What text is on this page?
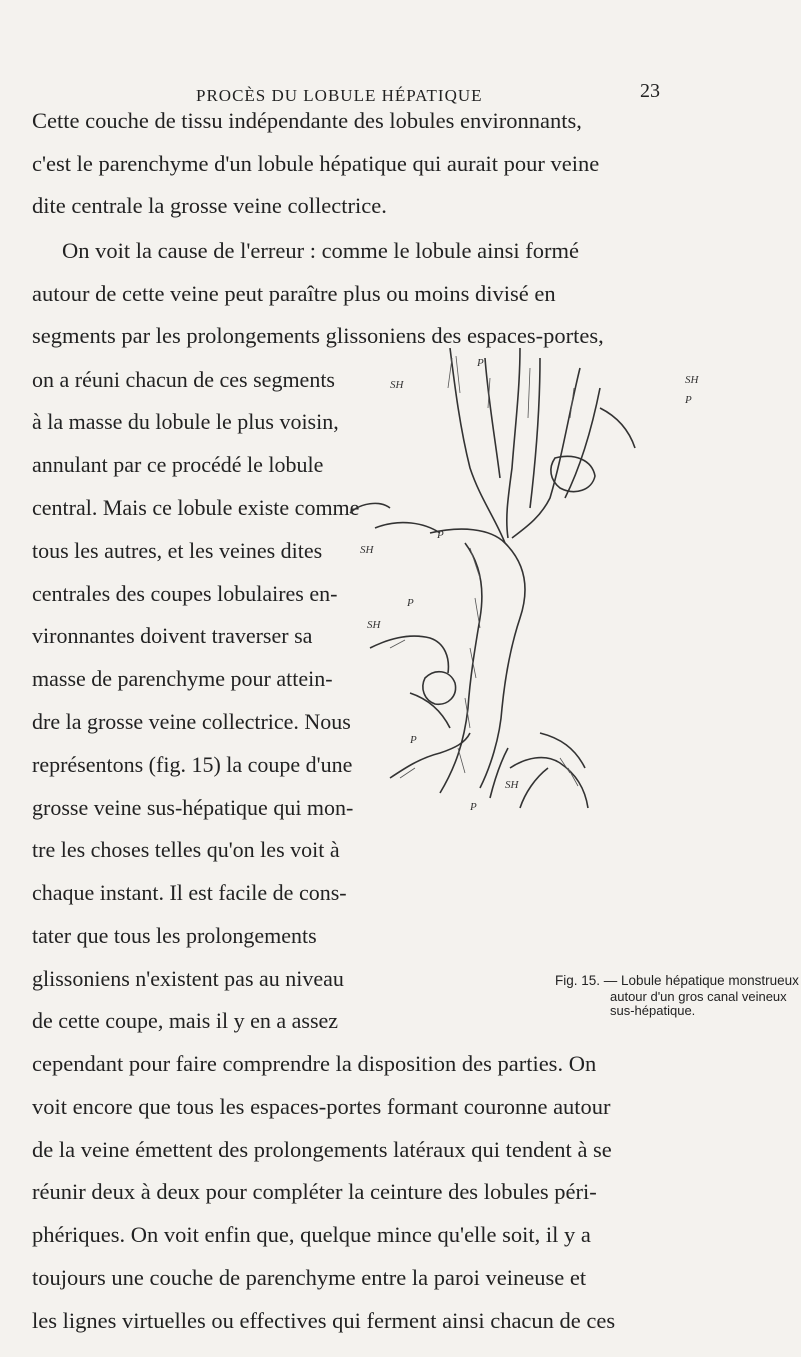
PROCÈS DU LOBULE HÉPATIQUE	23
Cette couche de tissu indépendante des lobules environnants,
c'est le parenchyme d'un lobule hépatique qui aurait pour veine
dite centrale la grosse veine collectrice.
On voit la cause de l'erreur : comme le lobule ainsi formé
autour de cette veine peut paraître plus ou moins divisé en
segments par les prolongements glissoniens des espaces-portes,
on a réuni chacun de ces segments
à la masse du lobule le plus voisin,
annulant par ce procédé le lobule
central. Mais ce lobule existe comme
tous les autres, et les veines dites
centrales des coupes lobulaires en-
vironnantes doivent traverser sa
masse de parenchyme pour attein-
dre la grosse veine collectrice. Nous
représentons (fig. 15) la coupe d'une
grosse veine sus-hépatique qui mon-
tre les choses telles qu'on les voit à
chaque instant. Il est facile de cons-
tater que tous les prolongements
glissoniens n'existent pas au niveau
de cette coupe, mais il y en a assez
cependant pour faire comprendre la disposition des parties. On
voit encore que tous les espaces-portes formant couronne autour
de la veine émettent des prolongements latéraux qui tendent à se
réunir deux à deux pour compléter la ceinture des lobules péri-
phériques. On voit enfin que, quelque mince qu'elle soit, il y a
toujours une couche de parenchyme entre la paroi veineuse et
les lignes virtuelles ou effectives qui ferment ainsi chacun de ces
SH	SH
SH
SH
SH
P
P
P
P
P
P
Fig. 15. — Lobule hépatique monstrueux
autour d'un gros canal veineux sus-hépatique.
